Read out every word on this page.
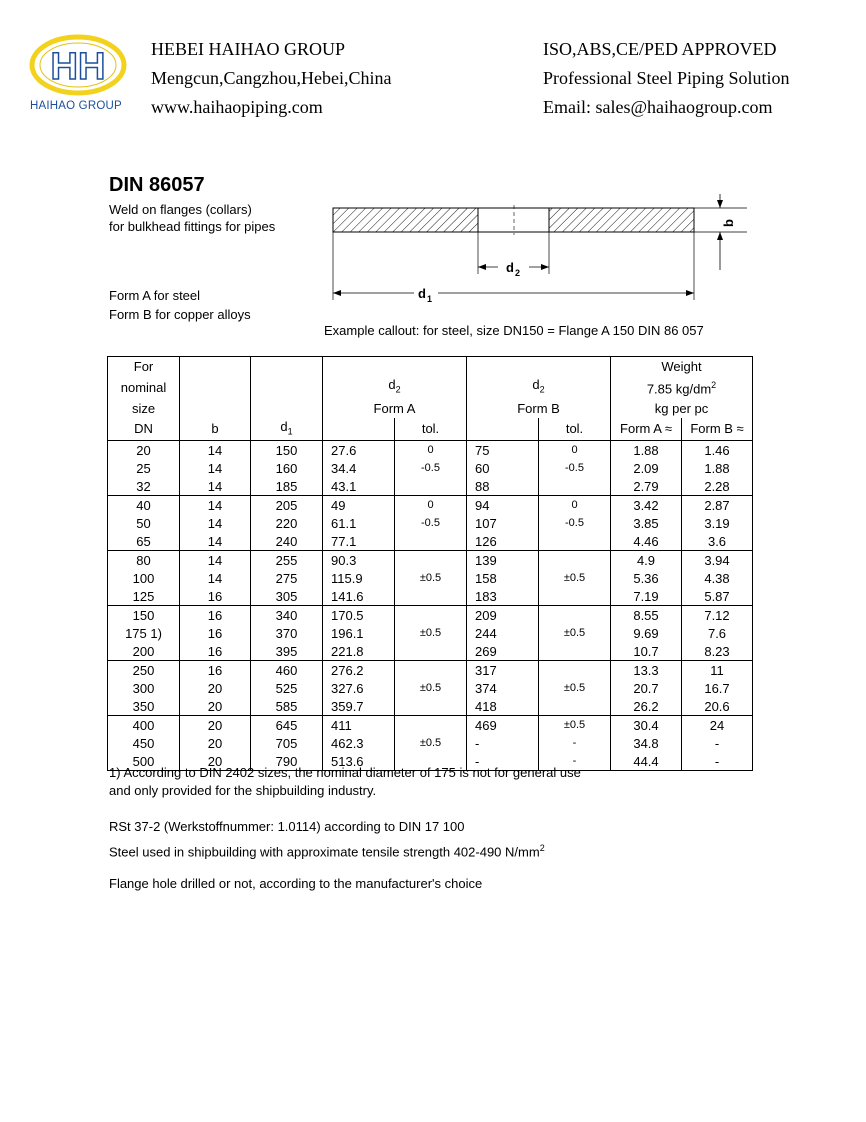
HH
HAIHAO GROUP
HEBEI HAIHAO GROUP
Mengcun,Cangzhou,Hebei,China
www.haihaopiping.com
ISO,ABS,CE/PED APPROVED
Professional Steel Piping Solution
Email: sales@haihaogroup.com
DIN 86057
Weld on flanges (collars)
for bulkhead fittings for pipes
Form A for steel
Form B for copper alloys
Example callout: for steel, size DN150 = Flange A 150 DIN 86 057
b
d 2
d 1
For							Weight	
nominal			$d_2$		$d_2$		7.85 $kg/dm^2$
size			Form A		Form B		kg per pc	
DN	b	$d_1$		tol.		tol.	Form A ≈	Form B ≈
20	14	150	27.6	0	75	0	1.88	1.46
25	14	160	34.4	-0.5	60	-0.5	2.09	1.88
32	14	185	43.1		88		2.79	2.28
40	14	205	49	0	94	0	3.42	2.87
50	14	220	61.1	-0.5	107	-0.5	3.85	3.19
65	14	240	77.1		126		4.46	3.6
80	14	255	90.3		139		4.9	3.94
100	14	275	115.9	±0.5	158	±0.5	5.36	4.38
125	16	305	141.6		183		7.19	5.87
150	16	340	170.5		209		8.55	7.12
175 1)	16	370	196.1	±0.5	244	±0.5	9.69	7.6
200	16	395	221.8		269		10.7	8.23
250	16	460	276.2		317		13.3	11
300	20	525	327.6	±0.5	374	±0.5	20.7	16.7
350	20	585	359.7		418		26.2	20.6
400	20	645	411		469	±0.5	30.4	24
450	20	705	462.3	±0.5	-	-	34.8	-
500	20	790	513.6		-	-	44.4	-
1) According to DIN 2402 sizes, the nominal diameter of 175 is not for general use
and only provided for the shipbuilding industry.
RSt 37-2 (Werkstoffnummer: 1.0114) according to DIN 17 100
Steel used in shipbuilding with approximate tensile strength 402-490 $N/mm^2$
Flange hole drilled or not, according to the manufacturer's choice
